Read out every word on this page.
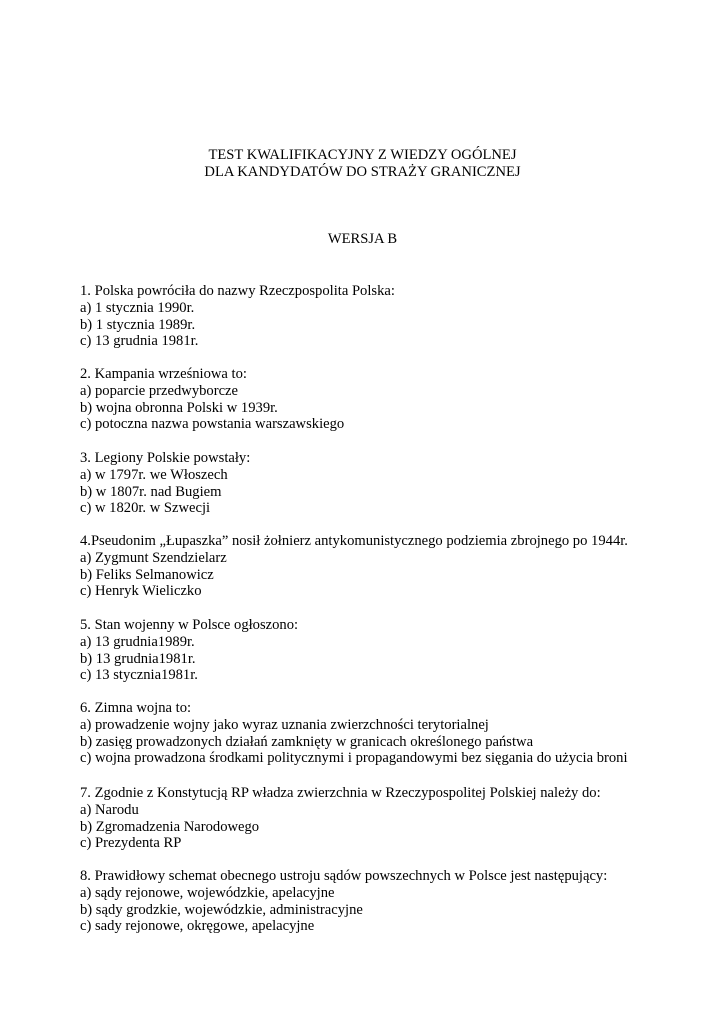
TEST KWALIFIKACYJNY Z WIEDZY OGÓLNEJ
DLA KANDYDATÓW DO STRAŻY GRANICZNEJ
WERSJA B
1. Polska powróciła do nazwy Rzeczpospolita Polska:
a) 1 stycznia 1990r.
b) 1 stycznia 1989r.
c) 13 grudnia 1981r.
2. Kampania wrześniowa to:
a) poparcie przedwyborcze
b) wojna obronna Polski w 1939r.
c) potoczna nazwa powstania warszawskiego
3. Legiony Polskie powstały:
a) w 1797r. we Włoszech
b) w 1807r. nad Bugiem
c) w 1820r. w Szwecji
4.Pseudonim „Łupaszka” nosił żołnierz antykomunistycznego podziemia zbrojnego po 1944r.
a) Zygmunt Szendzielarz
b) Feliks Selmanowicz
c) Henryk Wieliczko
5. Stan wojenny w Polsce ogłoszono:
a) 13 grudnia1989r.
b) 13 grudnia1981r.
c) 13 stycznia1981r.
6. Zimna wojna to:
a) prowadzenie wojny jako wyraz uznania zwierzchności terytorialnej
b) zasięg prowadzonych działań zamknięty w granicach określonego państwa
c) wojna prowadzona środkami politycznymi i propagandowymi bez sięgania do użycia broni
7. Zgodnie z Konstytucją RP władza zwierzchnia w Rzeczypospolitej Polskiej należy do:
a) Narodu
b) Zgromadzenia Narodowego
c) Prezydenta RP
8. Prawidłowy schemat obecnego ustroju sądów powszechnych w Polsce jest następujący:
a) sądy rejonowe, wojewódzkie, apelacyjne
b) sądy grodzkie, wojewódzkie, administracyjne
c) sady rejonowe, okręgowe, apelacyjne
